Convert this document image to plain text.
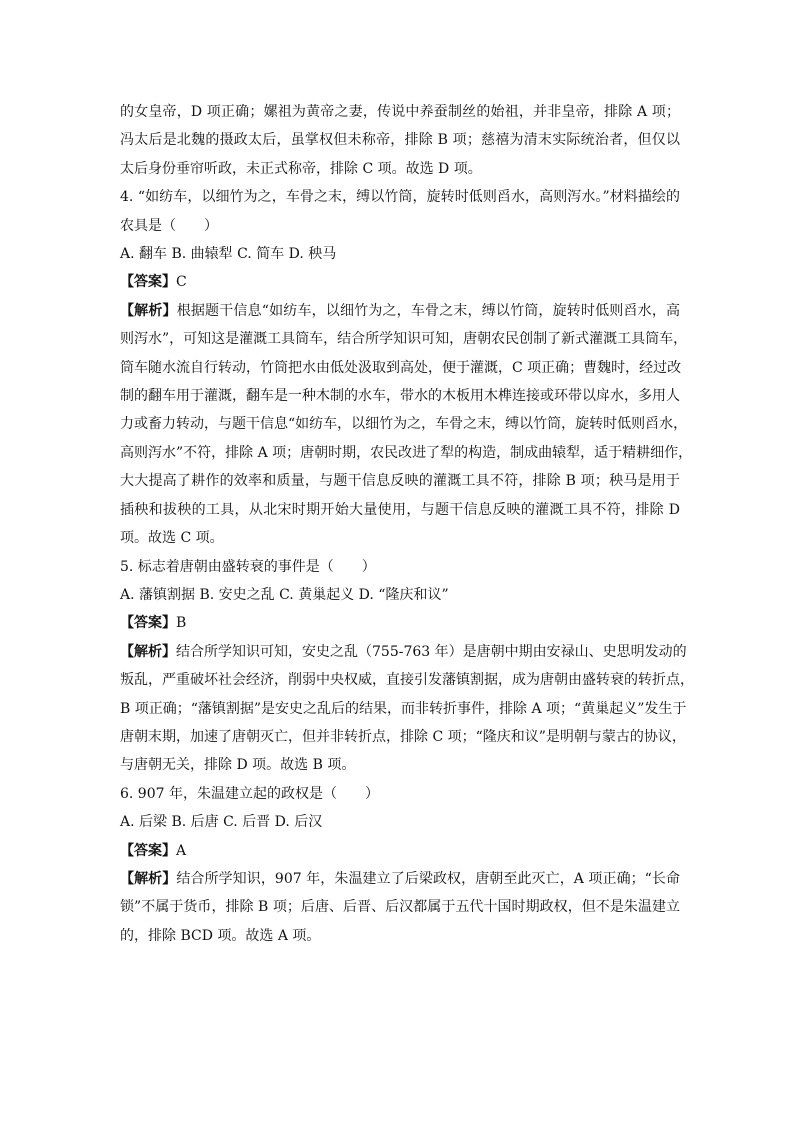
的女皇帝，D 项正确；嫘祖为黄帝之妻，传说中养蚕制丝的始祖，并非皇帝，排除 A 项；
冯太后是北魏的摄政太后，虽掌权但未称帝，排除 B 项；慈禧为清末实际统治者，但仅以
太后身份垂帘听政，未正式称帝，排除 C 项。故选 D 项。
4. “如纺车，以细竹为之，车骨之末，缚以竹筒，旋转时低则舀水，高则泻水。”材料描绘的
农具是（　　）
A. 翻车 B. 曲辕犁 C. 简车 D. 秧马
【答案】C
【解析】根据题干信息“如纺车，以细竹为之，车骨之末，缚以竹筒，旋转时低则舀水，高
则泻水”，可知这是灌溉工具筒车，结合所学知识可知，唐朝农民创制了新式灌溉工具筒车，
筒车随水流自行转动，竹筒把水由低处汲取到高处，便于灌溉，C 项正确；曹魏时，经过改
制的翻车用于灌溉，翻车是一种木制的水车，带水的木板用木榫连接或环带以戽水，多用人
力或畜力转动，与题干信息“如纺车，以细竹为之，车骨之末，缚以竹筒，旋转时低则舀水，
高则泻水”不符，排除 A 项；唐朝时期，农民改进了犁的构造，制成曲辕犁，适于精耕细作，
大大提高了耕作的效率和质量，与题干信息反映的灌溉工具不符，排除 B 项；秧马是用于
插秧和拔秧的工具，从北宋时期开始大量使用，与题干信息反映的灌溉工具不符，排除 D
项。故选 C 项。
5. 标志着唐朝由盛转衰的事件是（　　）
A. 藩镇割据 B. 安史之乱 C. 黄巢起义 D. “隆庆和议”
【答案】B
【解析】结合所学知识可知，安史之乱（755-763 年）是唐朝中期由安禄山、史思明发动的
叛乱，严重破坏社会经济，削弱中央权威，直接引发藩镇割据，成为唐朝由盛转衰的转折点，
B 项正确；“藩镇割据”是安史之乱后的结果，而非转折事件，排除 A 项；“黄巢起义”发生于
唐朝末期，加速了唐朝灭亡，但并非转折点，排除 C 项；“隆庆和议”是明朝与蒙古的协议，
与唐朝无关，排除 D 项。故选 B 项。
6. 907 年，朱温建立起的政权是（　　）
A. 后梁 B. 后唐 C. 后晋 D. 后汉
【答案】A
【解析】结合所学知识，907 年，朱温建立了后梁政权，唐朝至此灭亡，A 项正确；“长命
锁”不属于货币，排除 B 项；后唐、后晋、后汉都属于五代十国时期政权，但不是朱温建立
的，排除 BCD 项。故选 A 项。
